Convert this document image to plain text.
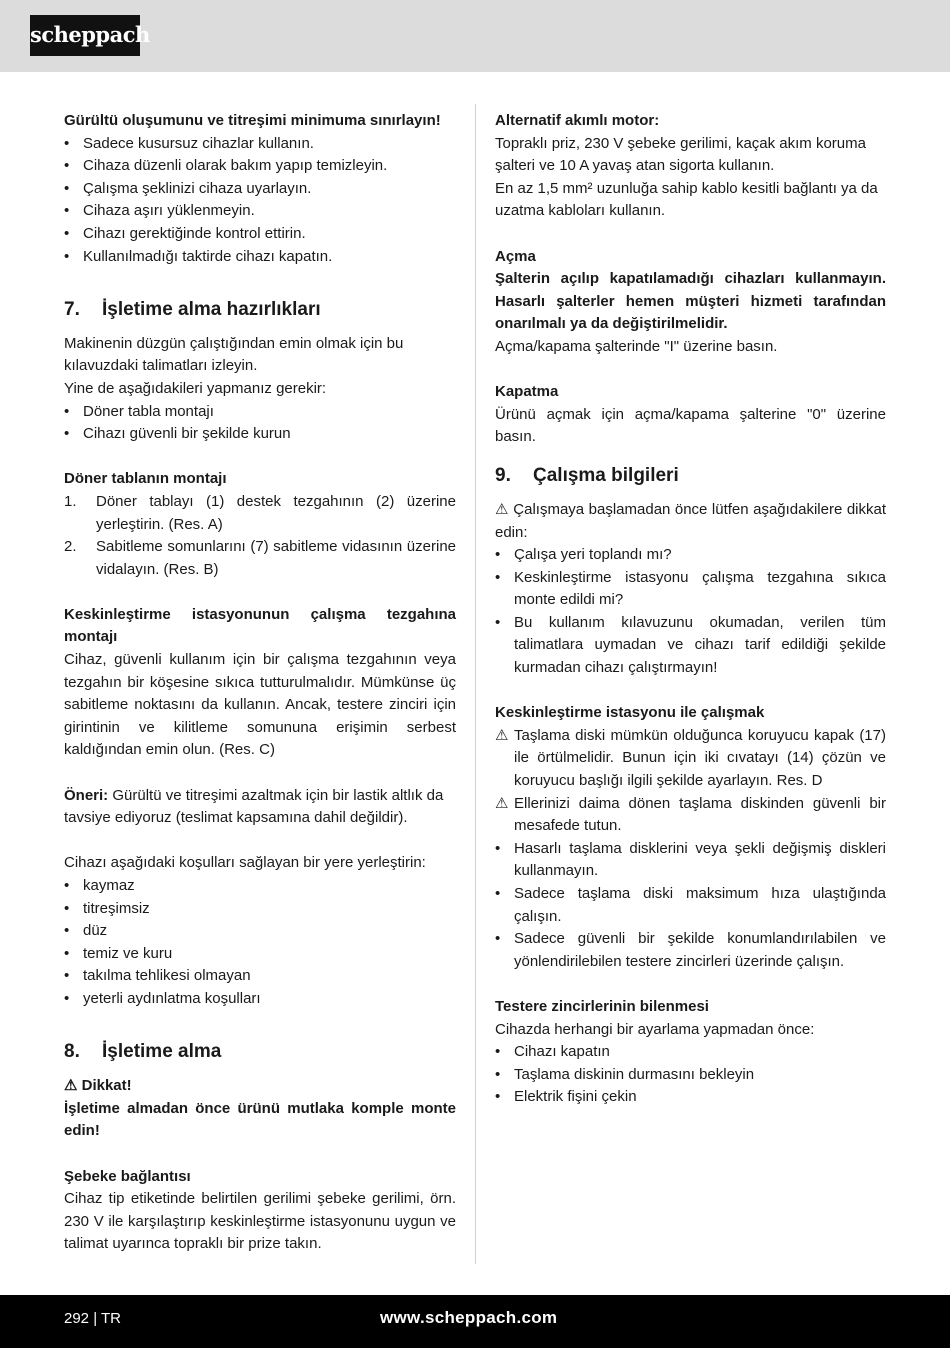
scheppach

Gürültü oluşumunu ve titreşimi minimuma sınırlayın!

• Sadece kusursuz cihazlar kullanın.
• Cihaza düzenli olarak bakım yapıp temizleyin.
• Çalışma şeklinizi cihaza uyarlayın.
• Cihaza aşırı yüklenmeyin.
• Cihazı gerektiğinde kontrol ettirin.
• Kullanılmadığı taktirde cihazı kapatın.
7.	İşletime alma hazırlıkları

Makinenin düzgün çalıştığından emin olmak için bu kılavuzdaki talimatları izleyin.

Yine de aşağıdakileri yapmanız gerekir:

• Döner tabla montajı
• Cihazı güvenli bir şekilde kurun

Döner tablanın montajı

1. Döner tablayı (1) destek tezgahının (2) üzerine yerleştirin. (Res. A)
2. Sabitleme somunlarını (7) sabitleme vidasının üzerine vidalayın. (Res. B)

Keskinleştirme istasyonunun çalışma tezgahına montajı

Cihaz, güvenli kullanım için bir çalışma tezgahının veya tezgahın bir köşesine sıkıca tutturulmalıdır. Mümkünse üç sabitleme noktasını da kullanın. Ancak, testere zinciri için girintinin ve kilitleme somununa erişimin serbest kaldığından emin olun. (Res. C)

Öneri: Gürültü ve titreşimi azaltmak için bir lastik altlık da tavsiye ediyoruz (teslimat kapsamına dahil değildir).

Cihazı aşağıdaki koşulları sağlayan bir yere yerleştirin:

• kaymaz
• titreşimsiz
• düz
• temiz ve kuru
• takılma tehlikesi olmayan
• yeterli aydınlatma koşulları
8.	İşletime alma

⚠ Dikkat!

İşletime almadan önce ürünü mutlaka komple monte edin!

Şebeke bağlantısı

Cihaz tip etiketinde belirtilen gerilimi şebeke gerilimi, örn. 230 V ile karşılaştırıp keskinleştirme istasyonunu uygun ve talimat uyarınca topraklı bir prize takın.

Alternatif akımlı motor:

Topraklı priz, 230 V şebeke gerilimi, kaçak akım koruma şalteri ve 10 A yavaş atan sigorta kullanın.

En az 1,5 mm² uzunluğa sahip kablo kesitli bağlantı ya da uzatma kabloları kullanın.

Açma

Şalterin açılıp kapatılamadığı cihazları kullanmayın. Hasarlı şalterler hemen müşteri hizmeti tarafından onarılmalı ya da değiştirilmelidir.

Açma/kapama şalterinde "I" üzerine basın.

Kapatma

Ürünü açmak için açma/kapama şalterine "0" üzerine basın.

9.	Çalışma bilgileri

⚠ Çalışmaya başlamadan önce lütfen aşağıdakilere dikkat edin:

• Çalışa yeri toplandı mı?
• Keskinleştirme istasyonu çalışma tezgahına sıkıca monte edildi mi?
• Bu kullanım kılavuzunu okumadan, verilen tüm talimatlara uymadan ve cihazı tarif edildiği şekilde kurmadan cihazı çalıştırmayın!

Keskinleştirme istasyonu ile çalışmak

⚠ Taşlama diski mümkün olduğunca koruyucu kapak (17) ile örtülmelidir. Bunun için iki cıvatayı (14) çözün ve koruyucu başlığı ilgili şekilde ayarlayın. Res. D
⚠ Ellerinizi daima dönen taşlama diskinden güvenli bir mesafede tutun.
• Hasarlı taşlama disklerini veya şekli değişmiş diskleri kullanmayın.
• Sadece taşlama diski maksimum hıza ulaştığında çalışın.
• Sadece güvenli bir şekilde konumlandırılabilen ve yönlendirilebilen testere zincirleri üzerinde çalışın.

Testere zincirlerinin bilenmesi

Cihazda herhangi bir ayarlama yapmadan önce:

• Cihazı kapatın
• Taşlama diskinin durmasını bekleyin
• Elektrik fişini çekin
292 | TR	www.scheppach.com
